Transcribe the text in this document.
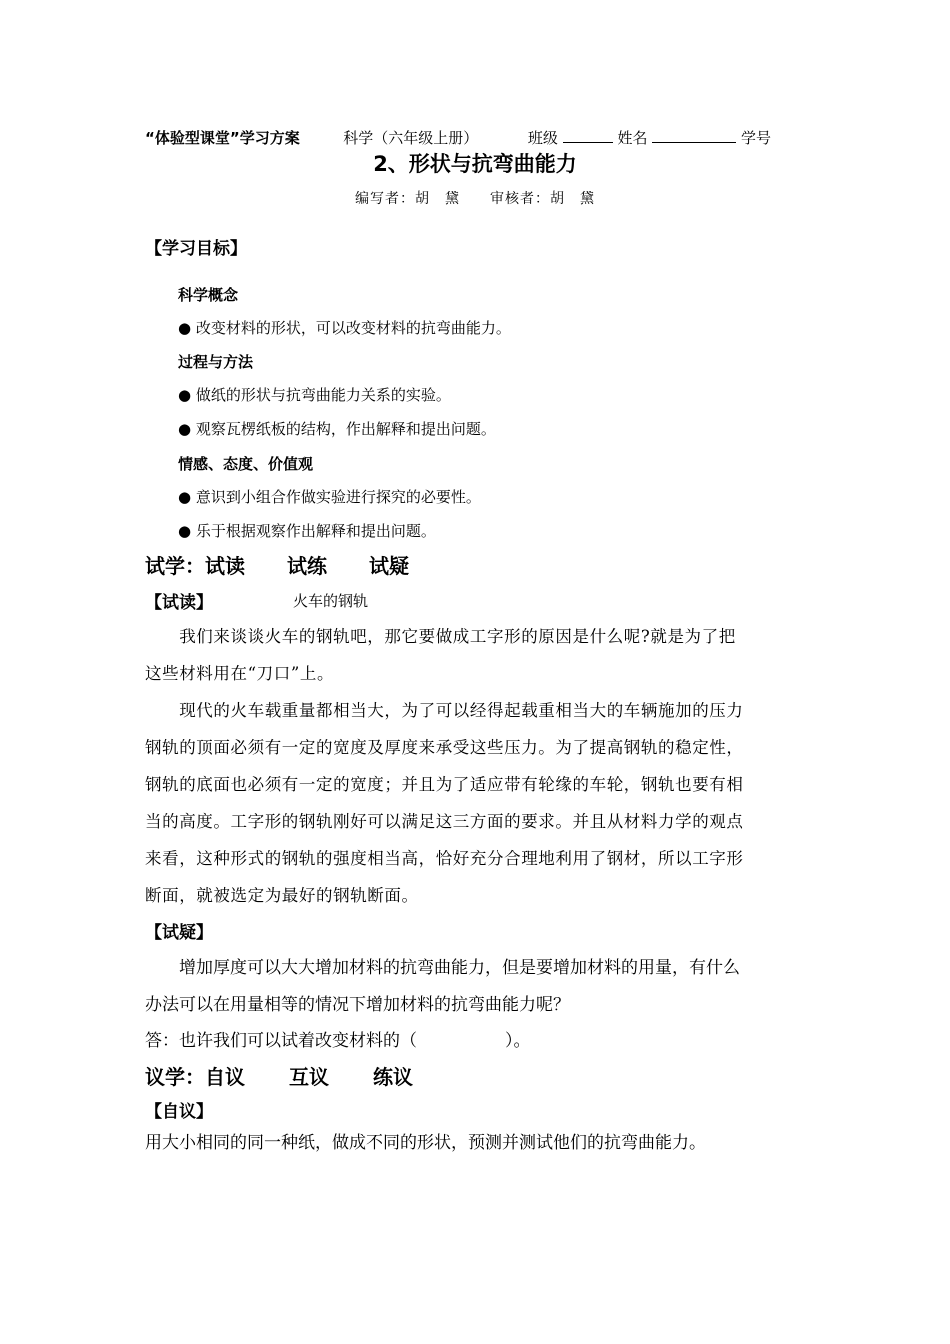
“体验型课堂”学习方案	科学（六年级上册）	班级	姓名	学号
2、形状与抗弯曲能力
编写者：胡　黛　　审核者：胡　黛
【学习目标】
科学概念
● 改变材料的形状，可以改变材料的抗弯曲能力。
过程与方法
● 做纸的形状与抗弯曲能力关系的实验。
● 观察瓦楞纸板的结构，作出解释和提出问题。
情感、态度、价值观
● 意识到小组合作做实验进行探究的必要性。
● 乐于根据观察作出解释和提出问题。
试学：试读 试练 试疑
【试读】	火车的钢轨
　　我们来谈谈火车的钢轨吧，那它要做成工字形的原因是什么呢?就是为了把
这些材料用在“刀口”上。
　　现代的火车载重量都相当大，为了可以经得起载重相当大的车辆施加的压力
钢轨的顶面必须有一定的宽度及厚度来承受这些压力。为了提高钢轨的稳定性，
钢轨的底面也必须有一定的宽度；并且为了适应带有轮缘的车轮，钢轨也要有相
当的高度。工字形的钢轨刚好可以满足这三方面的要求。并且从材料力学的观点
来看，这种形式的钢轨的强度相当高，恰好充分合理地利用了钢材，所以工字形
断面，就被选定为最好的钢轨断面。
【试疑】
　　增加厚度可以大大增加材料的抗弯曲能力，但是要增加材料的用量，有什么
办法可以在用量相等的情况下增加材料的抗弯曲能力呢？
答：也许我们可以试着改变材料的（	）。
议学：自议 互议 练议
【自议】
用大小相同的同一种纸，做成不同的形状，预测并测试他们的抗弯曲能力。
